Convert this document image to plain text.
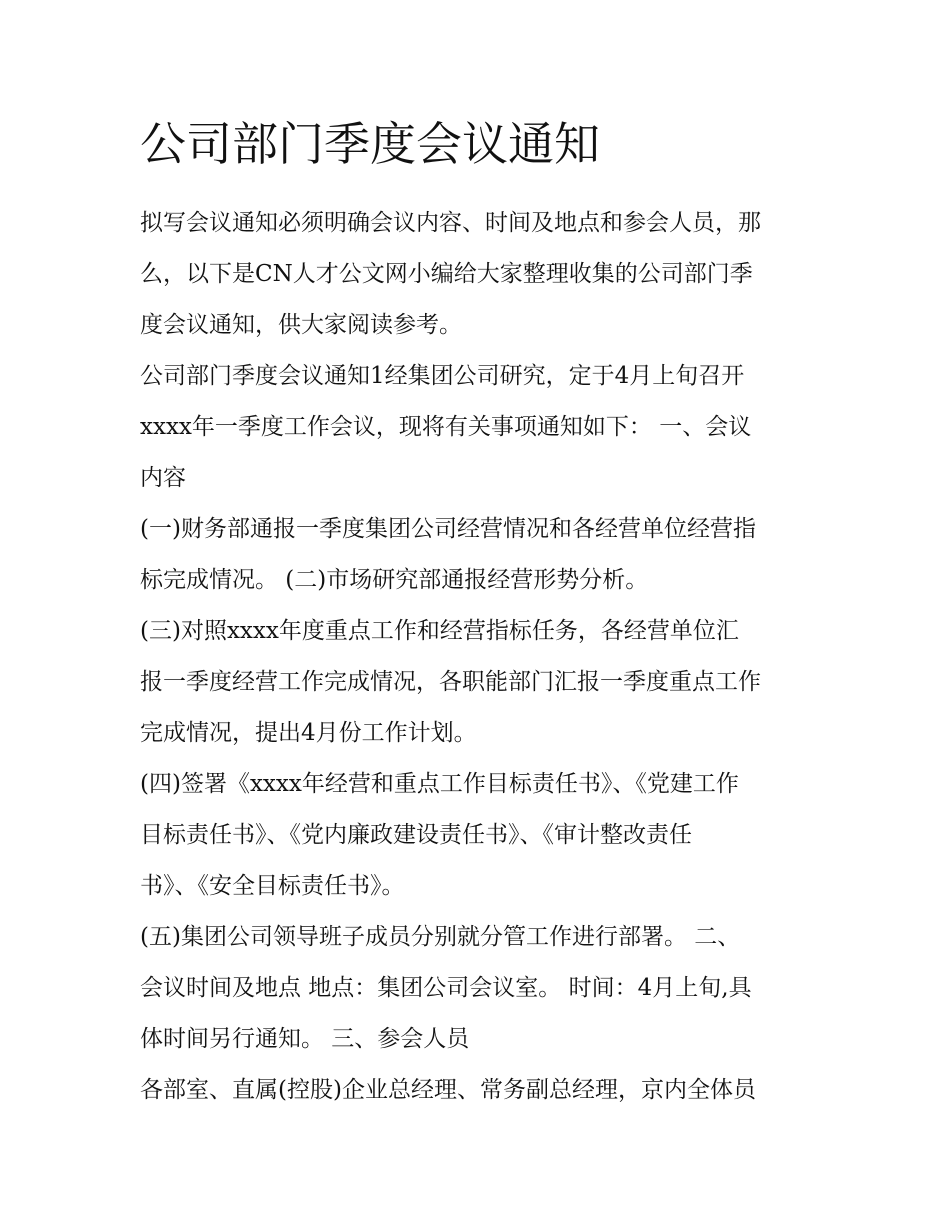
公司部门季度会议通知

拟写会议通知必须明确会议内容、时间及地点和参会人员，那
么，以下是CN人才公文网小编给大家整理收集的公司部门季
度会议通知，供大家阅读参考。

公司部门季度会议通知1经集团公司研究，定于4月上旬召开
xxxx年一季度工作会议，现将有关事项通知如下： 一、会议
内容

(一)财务部通报一季度集团公司经营情况和各经营单位经营指
标完成情况。 (二)市场研究部通报经营形势分析。

(三)对照xxxx年度重点工作和经营指标任务，各经营单位汇
报一季度经营工作完成情况，各职能部门汇报一季度重点工作
完成情况，提出4月份工作计划。

(四)签署《xxxx年经营和重点工作目标责任书》、《党建工作
目标责任书》、《党内廉政建设责任书》、《审计整改责任
书》、《安全目标责任书》。

(五)集团公司领导班子成员分别就分管工作进行部署。 二、
会议时间及地点 地点：集团公司会议室。 时间：4月上旬,具
体时间另行通知。 三、参会人员

各部室、直属(控股)企业总经理、常务副总经理，京内全体员
